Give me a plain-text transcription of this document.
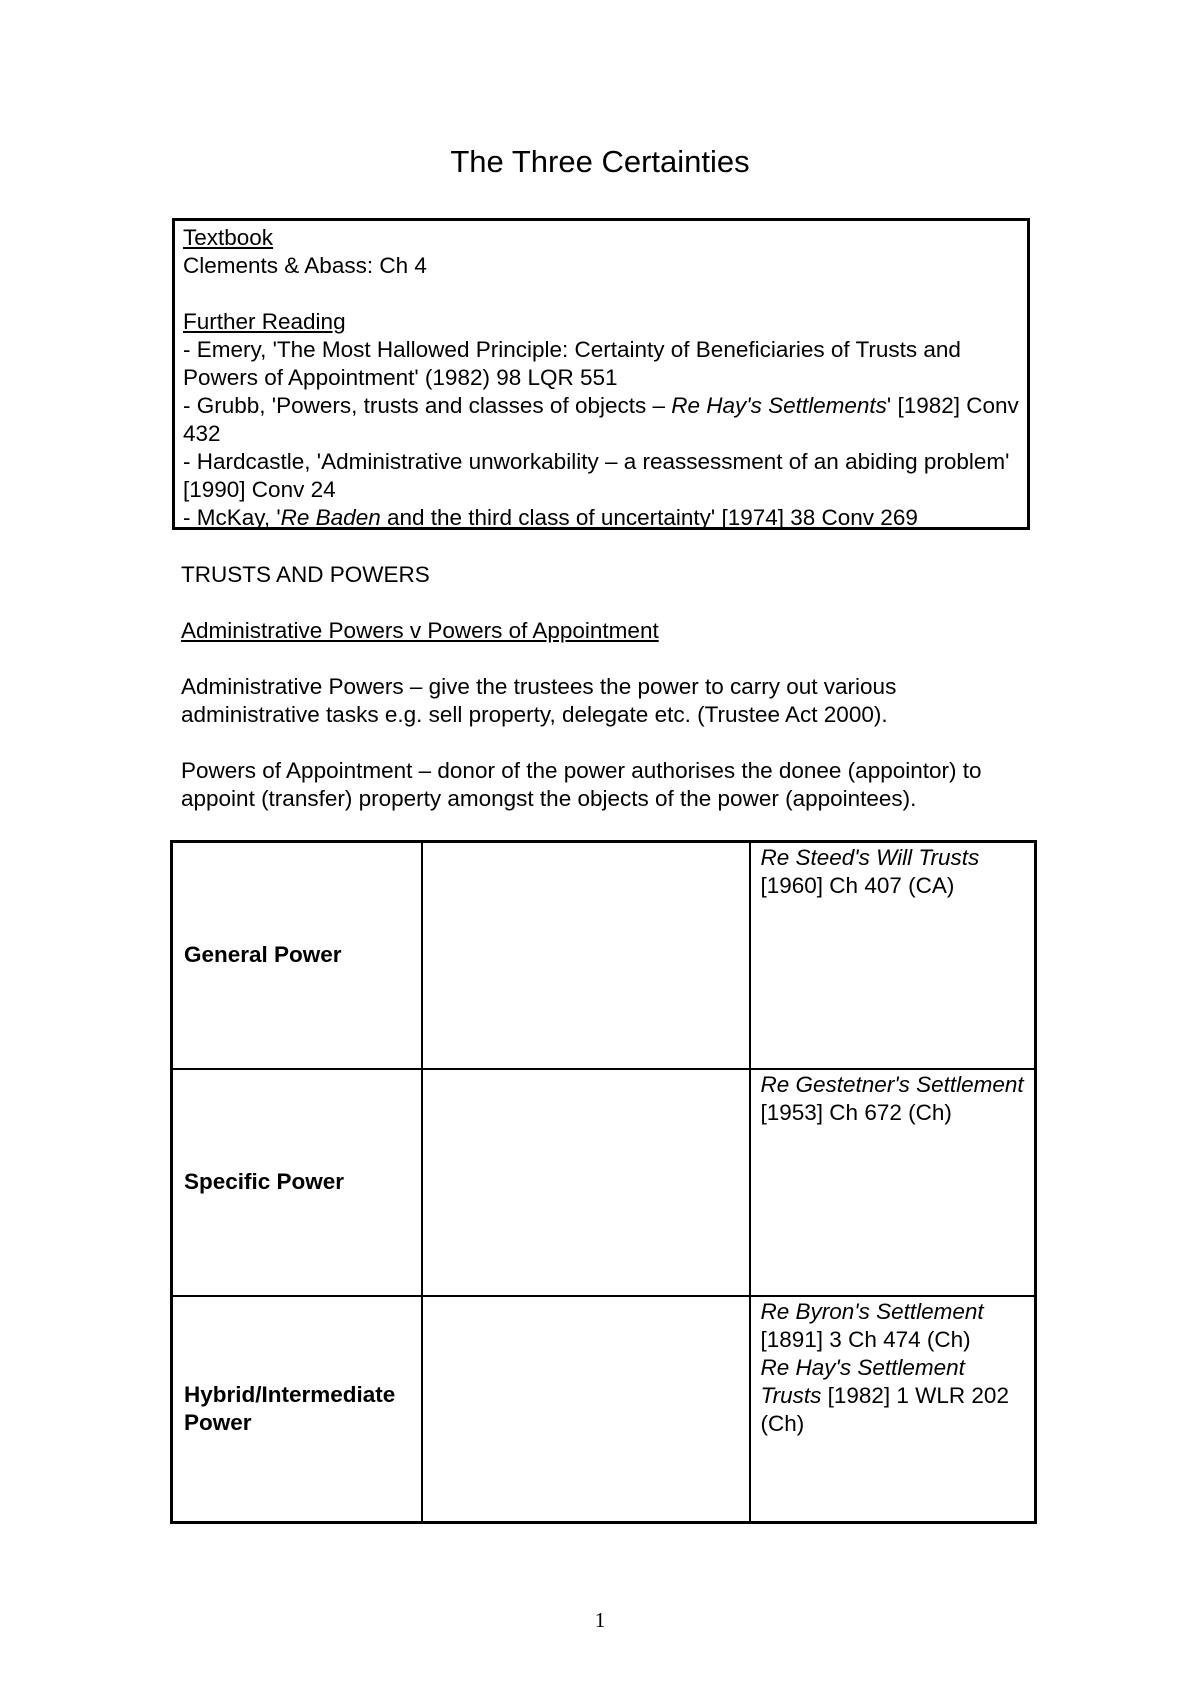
The Three Certainties
Textbook
Clements & Abass: Ch 4
Further Reading
- Emery, 'The Most Hallowed Principle: Certainty of Beneficiaries of Trusts and Powers of Appointment' (1982) 98 LQR 551
- Grubb, 'Powers, trusts and classes of objects – Re Hay's Settlements' [1982] Conv 432
- Hardcastle, 'Administrative unworkability – a reassessment of an abiding problem' [1990] Conv 24
- McKay, 'Re Baden and the third class of uncertainty' [1974] 38 Conv 269
TRUSTS AND POWERS
Administrative Powers v Powers of Appointment
Administrative Powers – give the trustees the power to carry out various administrative tasks e.g. sell property, delegate etc. (Trustee Act 2000).
Powers of Appointment – donor of the power authorises the donee (appointor) to appoint (transfer) property amongst the objects of the power (appointees).
General Power		Re Steed's Will Trusts [1960] Ch 407 (CA)

Specific Power		Re Gestetner's Settlement [1953] Ch 672 (Ch)

Hybrid/Intermediate Power		Re Byron's Settlement [1891] 3 Ch 474 (Ch)
Re Hay's Settlement Trusts [1982] 1 WLR 202 (Ch)
1
